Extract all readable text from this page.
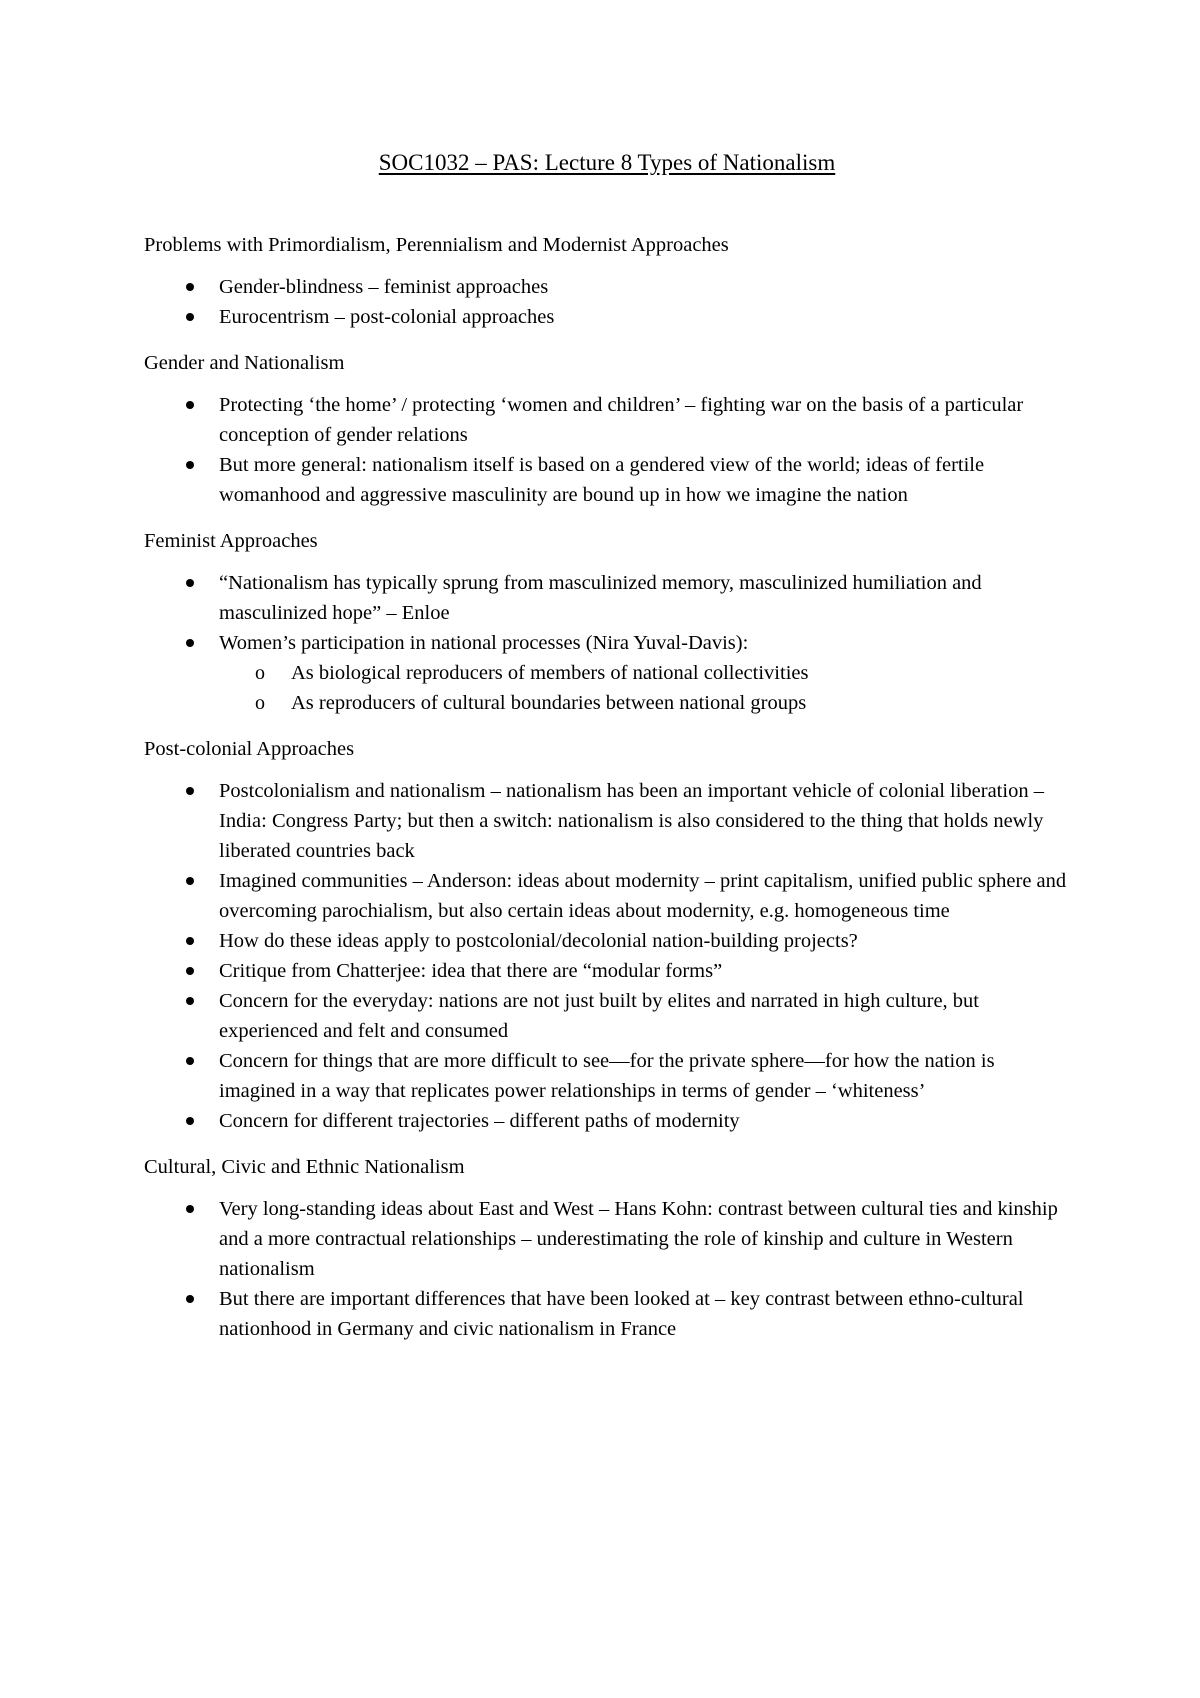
SOC1032 – PAS: Lecture 8 Types of Nationalism
Problems with Primordialism, Perennialism and Modernist Approaches
Gender-blindness – feminist approaches
Eurocentrism – post-colonial approaches
Gender and Nationalism
Protecting ‘the home’ / protecting ‘women and children’ – fighting war on the basis of a particular conception of gender relations
But more general: nationalism itself is based on a gendered view of the world; ideas of fertile womanhood and aggressive masculinity are bound up in how we imagine the nation
Feminist Approaches
“Nationalism has typically sprung from masculinized memory, masculinized humiliation and masculinized hope” – Enloe
Women’s participation in national processes (Nira Yuval-Davis):
o As biological reproducers of members of national collectivities
o As reproducers of cultural boundaries between national groups
Post-colonial Approaches
Postcolonialism and nationalism – nationalism has been an important vehicle of colonial liberation – India: Congress Party; but then a switch: nationalism is also considered to the thing that holds newly liberated countries back
Imagined communities – Anderson: ideas about modernity – print capitalism, unified public sphere and overcoming parochialism, but also certain ideas about modernity, e.g. homogeneous time
How do these ideas apply to postcolonial/decolonial nation-building projects?
Critique from Chatterjee: idea that there are “modular forms”
Concern for the everyday: nations are not just built by elites and narrated in high culture, but experienced and felt and consumed
Concern for things that are more difficult to see—for the private sphere—for how the nation is imagined in a way that replicates power relationships in terms of gender – ‘whiteness’
Concern for different trajectories – different paths of modernity
Cultural, Civic and Ethnic Nationalism
Very long-standing ideas about East and West – Hans Kohn: contrast between cultural ties and kinship and a more contractual relationships – underestimating the role of kinship and culture in Western nationalism
But there are important differences that have been looked at – key contrast between ethno-cultural nationhood in Germany and civic nationalism in France
